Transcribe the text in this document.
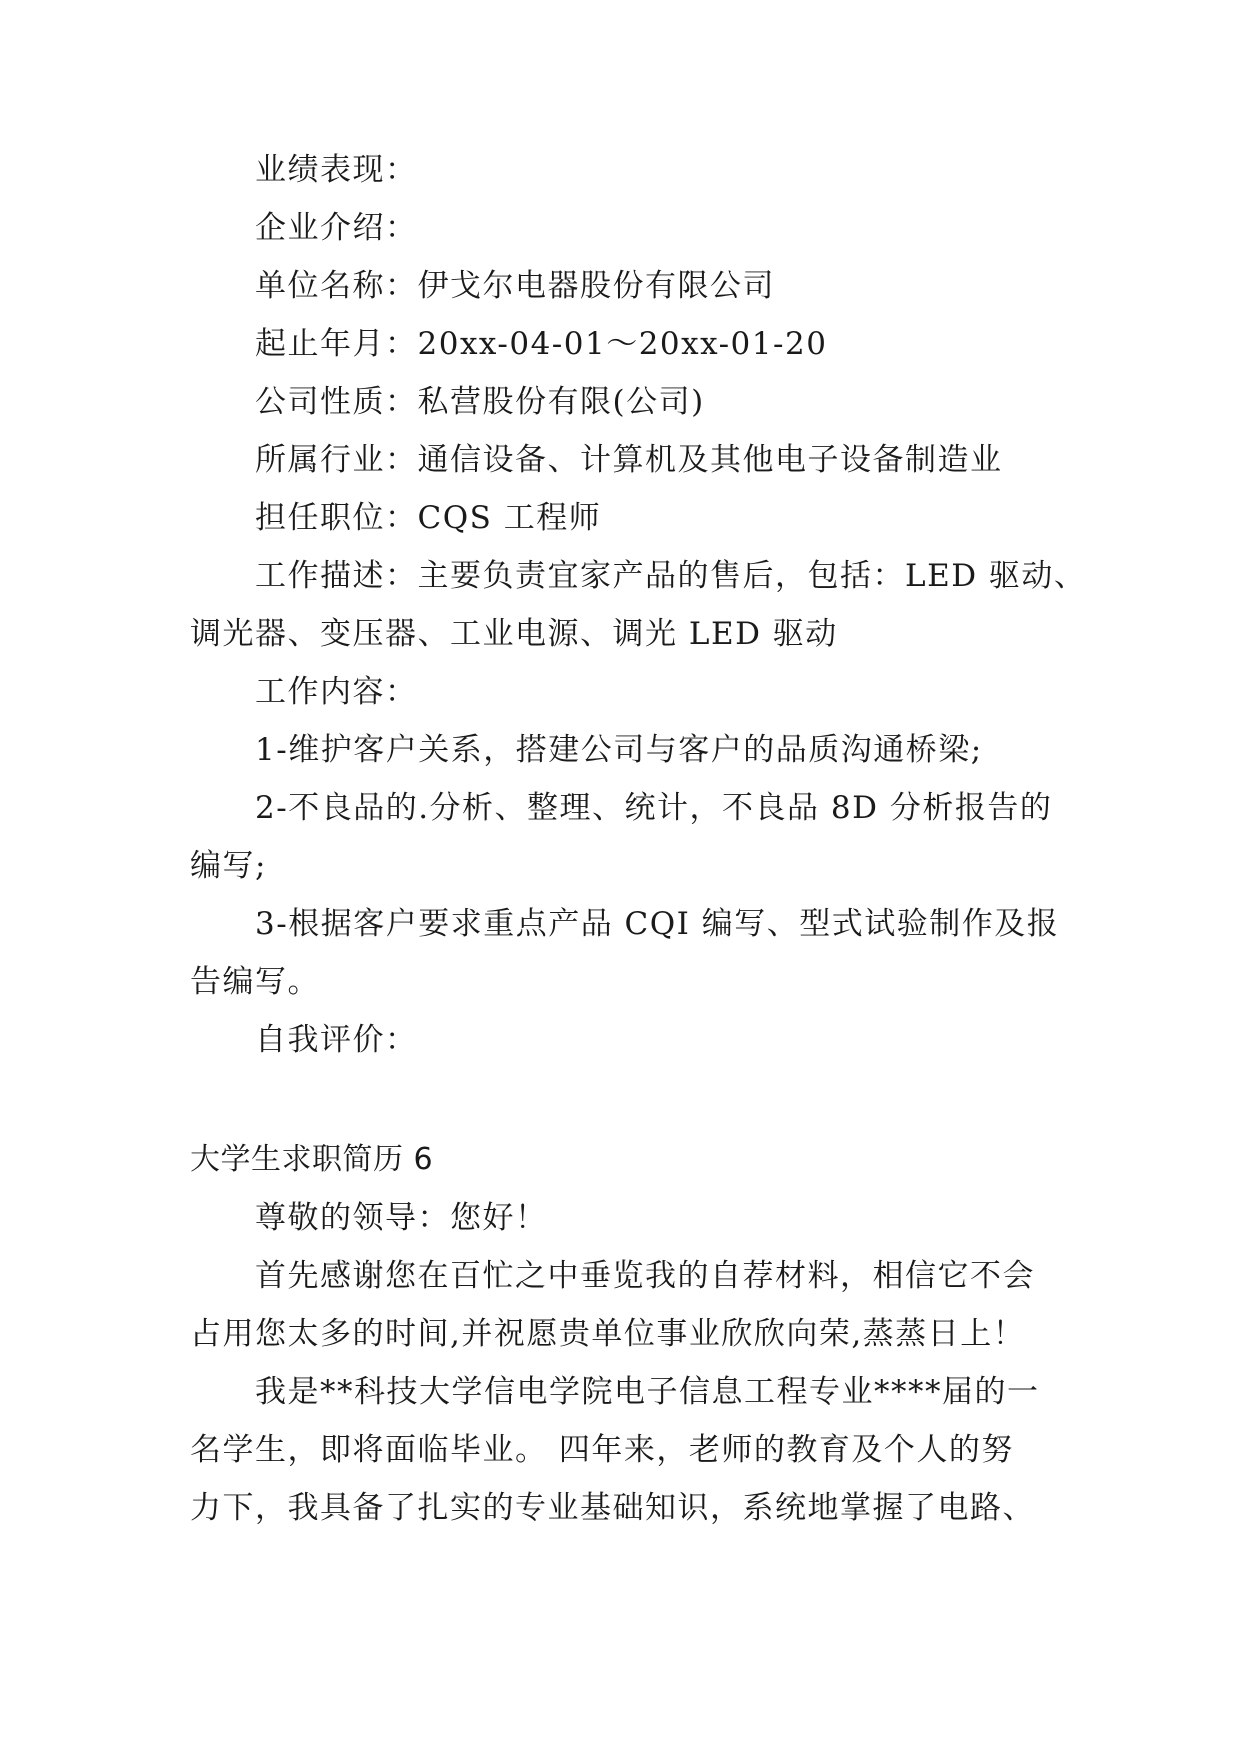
业绩表现：
企业介绍：
单位名称：伊戈尔电器股份有限公司
起止年月：20xx-04-01～20xx-01-20
公司性质：私营股份有限(公司)
所属行业：通信设备、计算机及其他电子设备制造业
担任职位：CQS 工程师
工作描述：主要负责宜家产品的售后，包括：LED 驱动、
调光器、变压器、工业电源、调光 LED 驱动
工作内容：
1-维护客户关系，搭建公司与客户的品质沟通桥梁;
2-不良品的.分析、整理、统计，不良品 8D 分析报告的
编写;
3-根据客户要求重点产品 CQI 编写、型式试验制作及报
告编写。
自我评价：
大学生求职简历 6
尊敬的领导：您好！
首先感谢您在百忙之中垂览我的自荐材料，相信它不会
占用您太多的时间,并祝愿贵单位事业欣欣向荣,蒸蒸日上！
我是**科技大学信电学院电子信息工程专业****届的一
名学生，即将面临毕业。 四年来，老师的教育及个人的努
力下，我具备了扎实的专业基础知识，系统地掌握了电路、
